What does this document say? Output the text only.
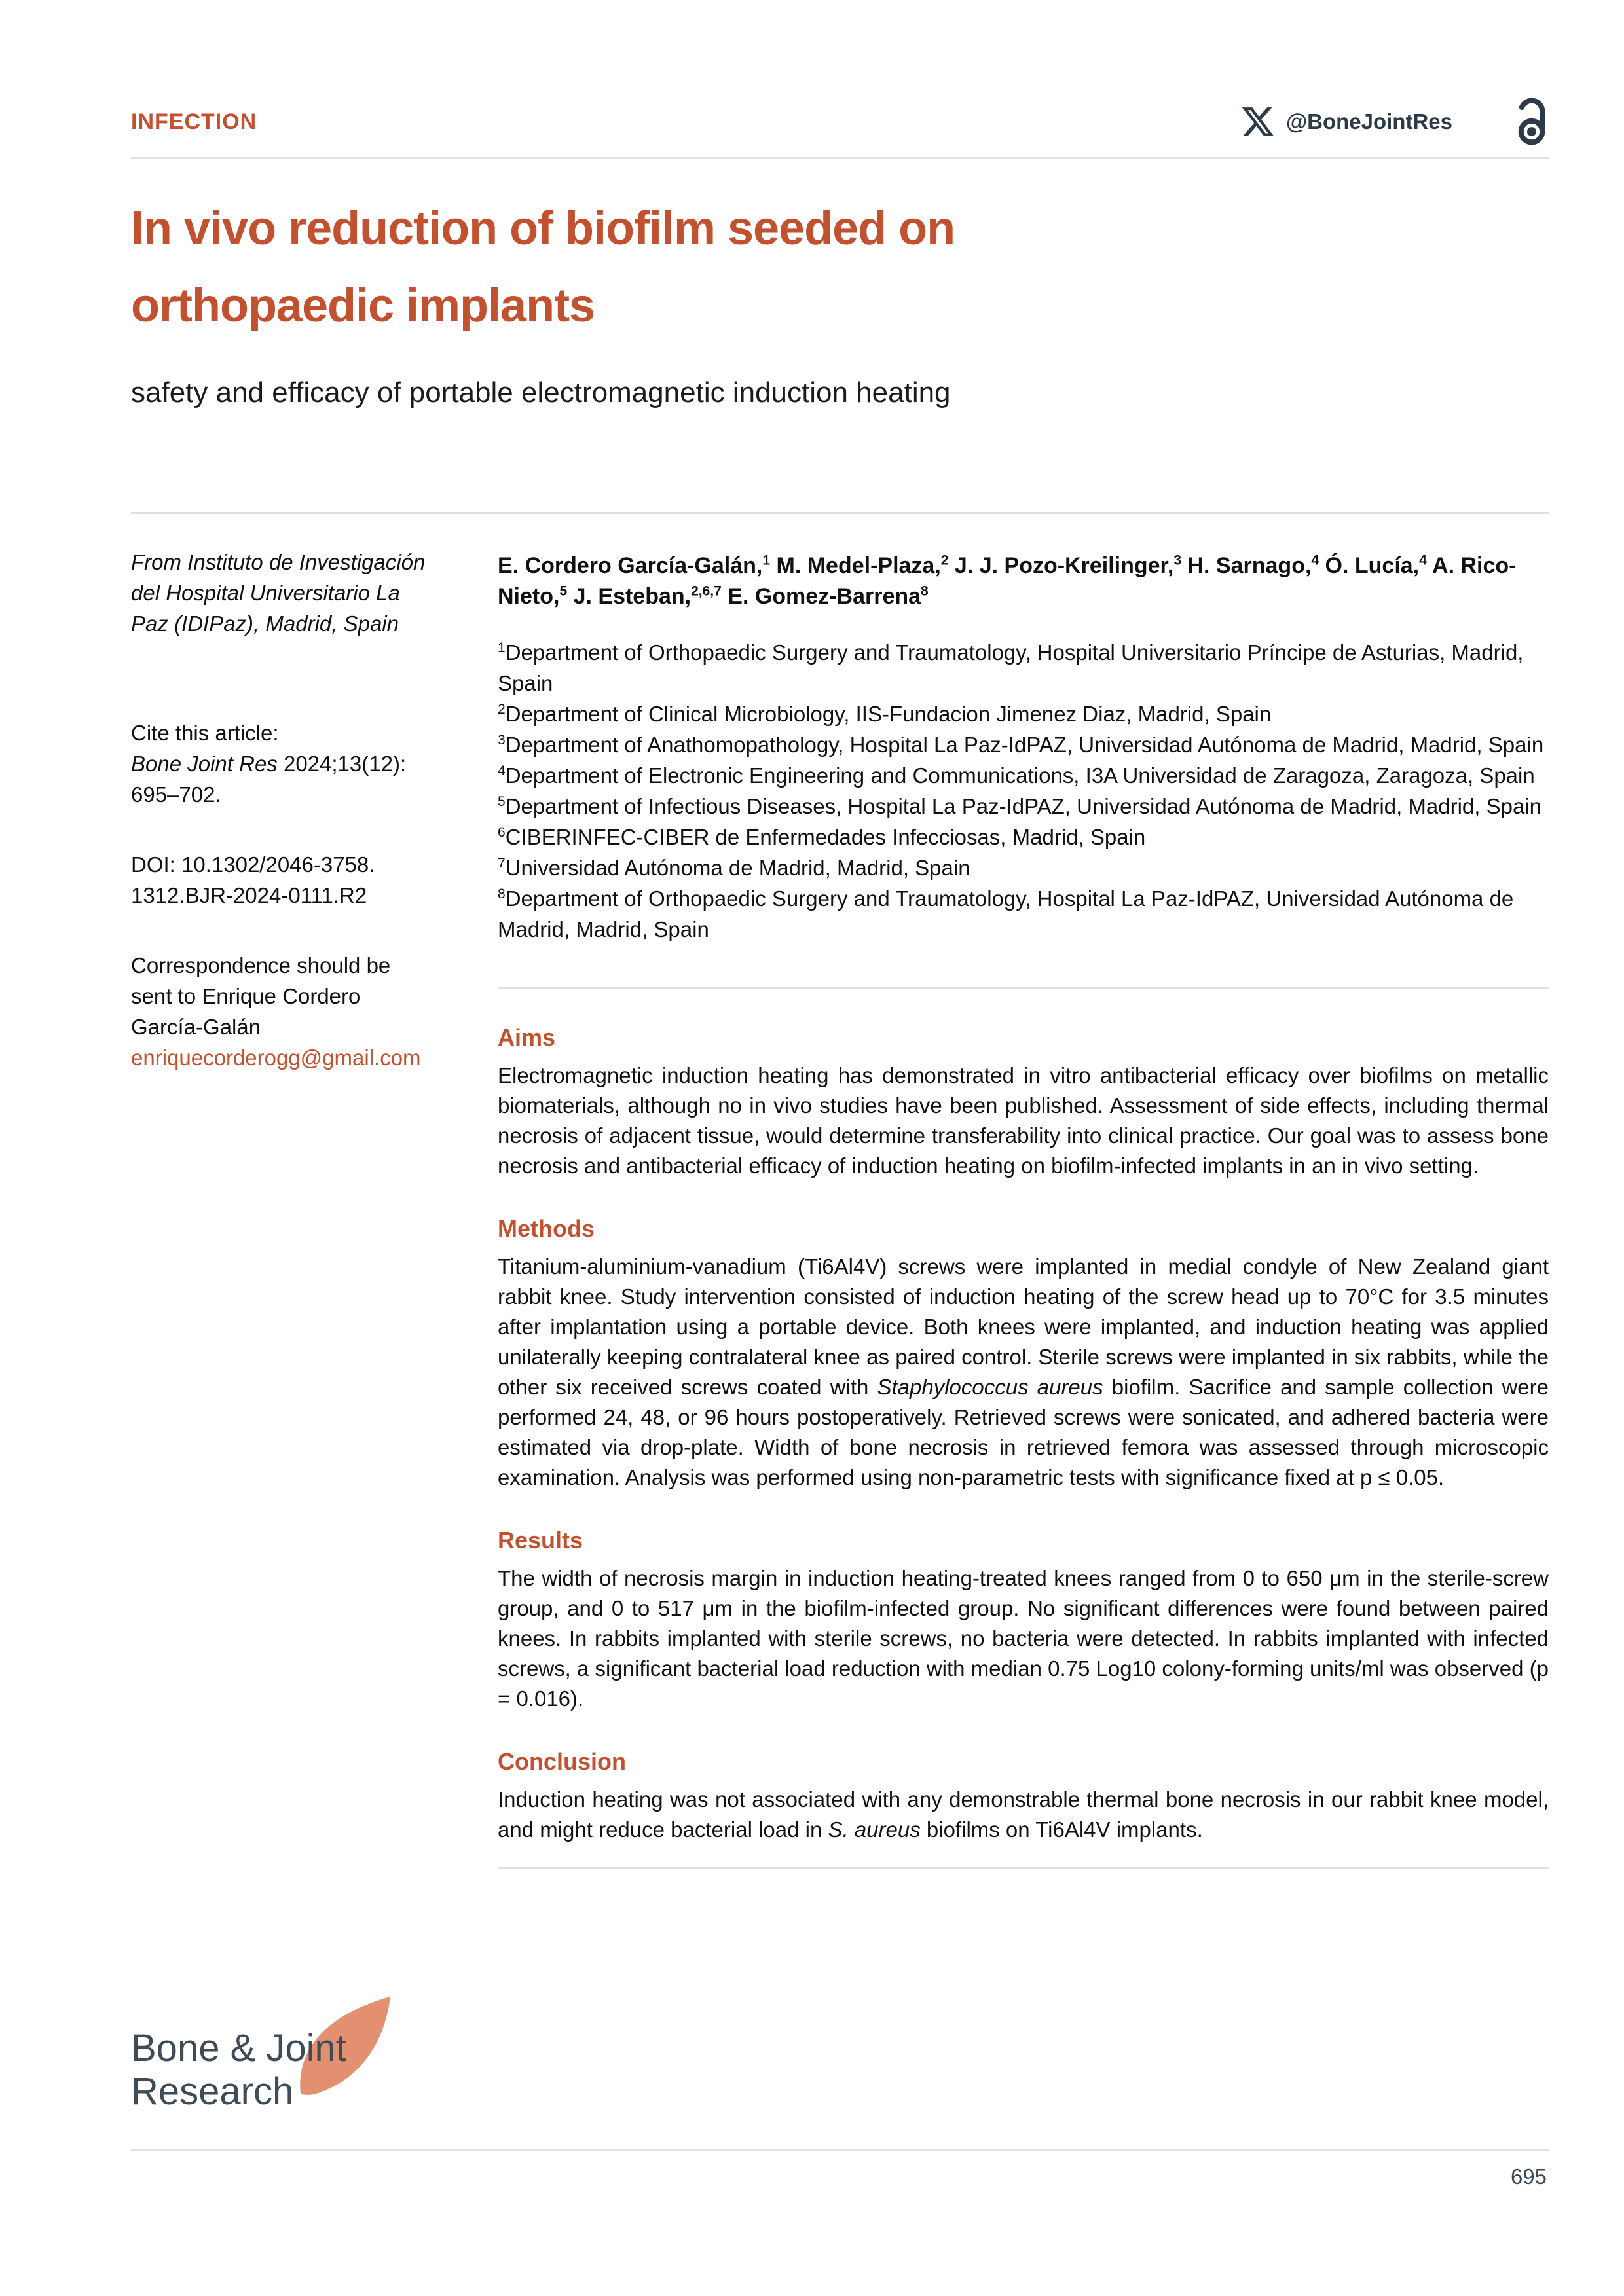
INFECTION	@BoneJointRes
In vivo reduction of biofilm seeded on
orthopaedic implants
safety and efficacy of portable electromagnetic induction heating
From Instituto de Investigación del Hospital Universitario La Paz (IDIPaz), Madrid, Spain
Cite this article:
Bone Joint Res 2024;13(12): 695–702.
DOI: 10.1302/2046-3758.
1312.BJR-2024-0111.R2
Correspondence should be sent to Enrique Cordero García-Galán
enriquecorderogg@gmail.com

E. Cordero García-Galán,$^1$ M. Medel-Plaza,$^2$ J. J. Pozo-Kreilinger,$^3$ H. Sarnago,$^4$ Ó. Lucía,$^4$ A. Rico-Nieto,$^5$ J. Esteban,$^{2,6,7}$ E. Gomez-Barrena$^8$

$^1$Department of Orthopaedic Surgery and Traumatology, Hospital Universitario Príncipe de Asturias, Madrid, Spain
$^2$Department of Clinical Microbiology, IIS-Fundacion Jimenez Diaz, Madrid, Spain
$^3$Department of Anathomopathology, Hospital La Paz-IdPAZ, Universidad Autónoma de Madrid, Madrid, Spain
$^4$Department of Electronic Engineering and Communications, I3A Universidad de Zaragoza, Zaragoza, Spain
$^5$Department of Infectious Diseases, Hospital La Paz-IdPAZ, Universidad Autónoma de Madrid, Madrid, Spain
$^6$CIBERINFEC-CIBER de Enfermedades Infecciosas, Madrid, Spain
$^7$Universidad Autónoma de Madrid, Madrid, Spain
$^8$Department of Orthopaedic Surgery and Traumatology, Hospital La Paz-IdPAZ, Universidad Autónoma de Madrid, Madrid, Spain
Aims

Electromagnetic induction heating has demonstrated in vitro antibacterial efficacy over biofilms on metallic biomaterials, although no in vivo studies have been published. Assessment of side effects, including thermal necrosis of adjacent tissue, would determine transferability into clinical practice. Our goal was to assess bone necrosis and antibacterial efficacy of induction heating on biofilm-infected implants in an in vivo setting.

Methods

Titanium-aluminium-vanadium (Ti6Al4V) screws were implanted in medial condyle of New Zealand giant rabbit knee. Study intervention consisted of induction heating of the screw head up to 70°C for 3.5 minutes after implantation using a portable device. Both knees were implanted, and induction heating was applied unilaterally keeping contralateral knee as paired control. Sterile screws were implanted in six rabbits, while the other six received screws coated with Staphylococcus aureus biofilm. Sacrifice and sample collection were performed 24, 48, or 96 hours postoperatively. Retrieved screws were sonicated, and adhered bacteria were estimated via drop-plate. Width of bone necrosis in retrieved femora was assessed through microscopic examination. Analysis was performed using non-parametric tests with significance fixed at p ≤ 0.05.

Results

The width of necrosis margin in induction heating-treated knees ranged from 0 to 650 μm in the sterile-screw group, and 0 to 517 μm in the biofilm-infected group. No significant differences were found between paired knees. In rabbits implanted with sterile screws, no bacteria were detected. In rabbits implanted with infected screws, a significant bacterial load reduction with median 0.75 Log10 colony-forming units/ml was observed (p = 0.016).

Conclusion

Induction heating was not associated with any demonstrable thermal bone necrosis in our rabbit knee model, and might reduce bacterial load in S. aureus biofilms on Ti6Al4V implants.

Bone & Joint
Research
695
